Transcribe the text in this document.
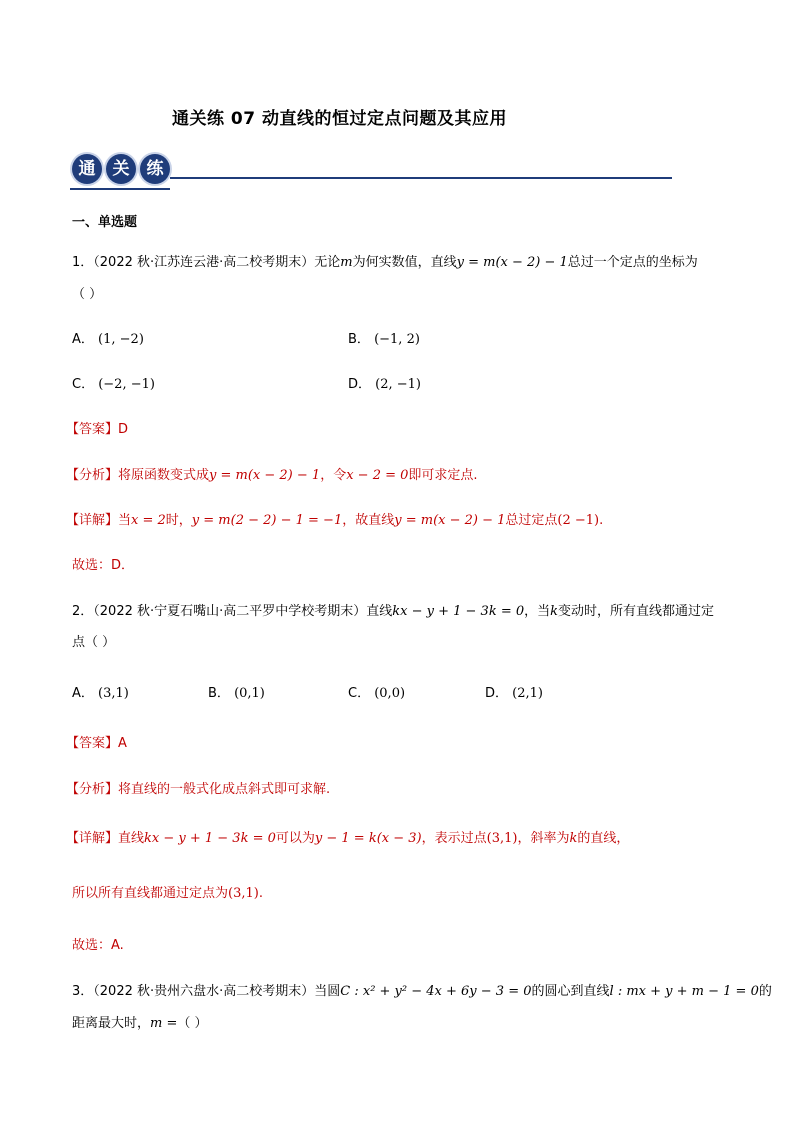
通关练 07 动直线的恒过定点问题及其应用
通	关	练
一、单选题
1．（2022 秋·江苏连云港·高二校考期末）无论m为何实数值，直线y = m(x − 2) − 1总过一个定点的坐标为
（ ）
A． (1, −2)	B． (−1, 2)
C． (−2, −1)	D． (2, −1)
【答案】D
【分析】将原函数变式成y = m(x − 2) − 1，令x − 2 = 0即可求定点.
【详解】当x = 2时，y = m(2 − 2) − 1 = −1，故直线y = m(x − 2) − 1总过定点(2 −1).
故选：D．
2．（2022 秋·宁夏石嘴山·高二平罗中学校考期末）直线kx − y + 1 − 3k = 0，当k变动时，所有直线都通过定
点（ ）
A． (3,1)	B． (0,1)	C． (0,0)	D． (2,1)
【答案】A
【分析】将直线的一般式化成点斜式即可求解.
【详解】直线kx − y + 1 − 3k = 0可以为y − 1 = k(x − 3)，表示过点(3,1)，斜率为k的直线，
所以所有直线都通过定点为(3,1).
故选：A.
3．（2022 秋·贵州六盘水·高二校考期末）当圆C : x² + y² − 4x + 6y − 3 = 0的圆心到直线l : mx + y + m − 1 = 0的
距离最大时，m =（ ）
